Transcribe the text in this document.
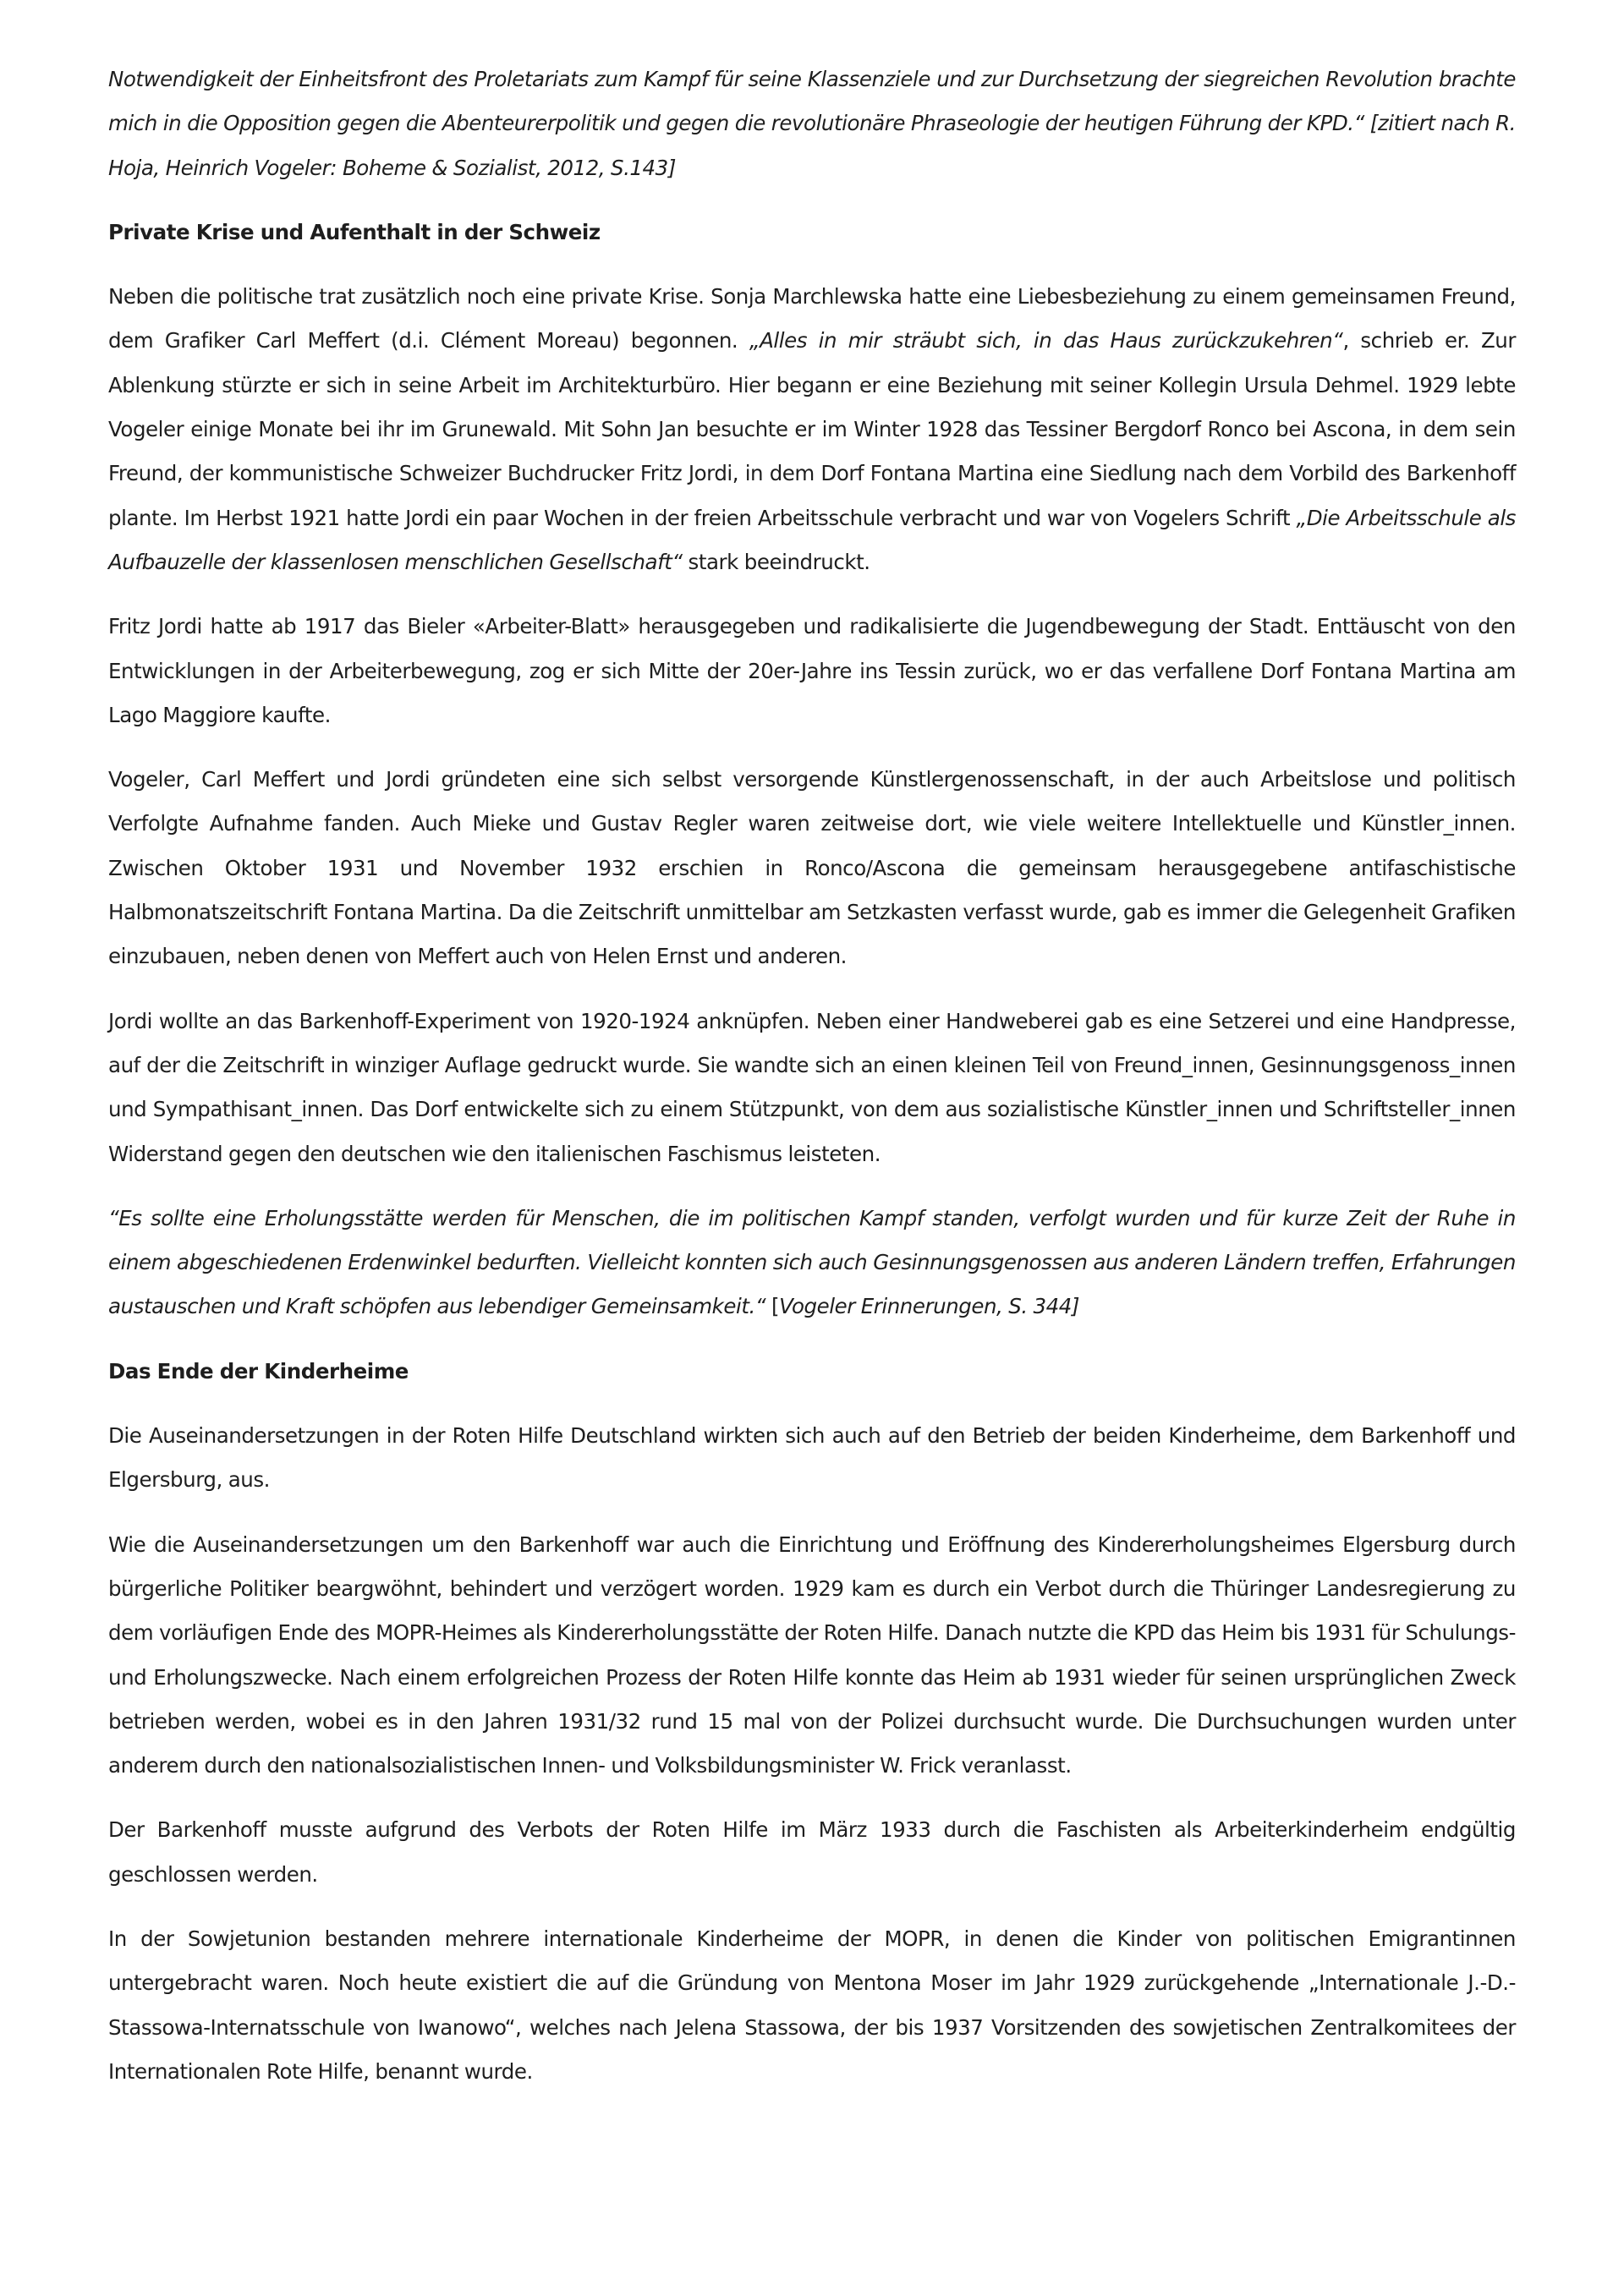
Notwendigkeit der Einheitsfront des Proletariats zum Kampf für seine Klassenziele und zur Durchsetzung der siegreichen Revolution brachte mich in die Opposition gegen die Abenteurerpolitik und gegen die revolutionäre Phraseologie der heutigen Führung der KPD.“ [zitiert nach R. Hoja, Heinrich Vogeler: Boheme & Sozialist, 2012, S.143]

Private Krise und Aufenthalt in der Schweiz

Neben die politische trat zusätzlich noch eine private Krise. Sonja Marchlewska hatte eine Liebesbeziehung zu einem gemeinsamen Freund, dem Grafiker Carl Meffert (d.i. Clément Moreau) begonnen. „Alles in mir sträubt sich, in das Haus zurückzukehren“, schrieb er. Zur Ablenkung stürzte er sich in seine Arbeit im Architekturbüro. Hier begann er eine Beziehung mit seiner Kollegin Ursula Dehmel. 1929 lebte Vogeler einige Monate bei ihr im Grunewald. Mit Sohn Jan besuchte er im Winter 1928 das Tessiner Bergdorf Ronco bei Ascona, in dem sein Freund, der kommunistische Schweizer Buchdrucker Fritz Jordi, in dem Dorf Fontana Martina eine Siedlung nach dem Vorbild des Barkenhoff plante. Im Herbst 1921 hatte Jordi ein paar Wochen in der freien Arbeitsschule verbracht und war von Vogelers Schrift „Die Arbeitsschule als Aufbauzelle der klassenlosen menschlichen Gesellschaft“ stark beeindruckt.

Fritz Jordi hatte ab 1917 das Bieler «Arbeiter-Blatt» herausgegeben und radikalisierte die Jugendbewegung der Stadt. Enttäuscht von den Entwicklungen in der Arbeiterbewegung, zog er sich Mitte der 20er-Jahre ins Tessin zurück, wo er das verfallene Dorf Fontana Martina am Lago Maggiore kaufte.

Vogeler, Carl Meffert und Jordi gründeten eine sich selbst versorgende Künstlergenossenschaft, in der auch Arbeitslose und politisch Verfolgte Aufnahme fanden. Auch Mieke und Gustav Regler waren zeitweise dort, wie viele weitere Intellektuelle und Künstler_innen. Zwischen Oktober 1931 und November 1932 erschien in Ronco/Ascona die gemeinsam herausgegebene antifaschistische Halbmonatszeitschrift Fontana Martina. Da die Zeitschrift unmittelbar am Setzkasten verfasst wurde, gab es immer die Gelegenheit Grafiken einzubauen, neben denen von Meffert auch von Helen Ernst und anderen.

Jordi wollte an das Barkenhoff-Experiment von 1920-1924 anknüpfen. Neben einer Handweberei gab es eine Setzerei und eine Handpresse, auf der die Zeitschrift in winziger Auflage gedruckt wurde. Sie wandte sich an einen kleinen Teil von Freund_innen, Gesinnungsgenoss_innen und Sympathisant_innen. Das Dorf entwickelte sich zu einem Stützpunkt, von dem aus sozialistische Künstler_innen und Schriftsteller_innen Widerstand gegen den deutschen wie den italienischen Faschismus leisteten.

“Es sollte eine Erholungsstätte werden für Menschen, die im politischen Kampf standen, verfolgt wurden und für kurze Zeit der Ruhe in einem abgeschiedenen Erdenwinkel bedurften. Vielleicht konnten sich auch Gesinnungsgenossen aus anderen Ländern treffen, Erfahrungen austauschen und Kraft schöpfen aus lebendiger Gemeinsamkeit.“ [Vogeler Erinnerungen, S. 344]

Das Ende der Kinderheime

Die Auseinandersetzungen in der Roten Hilfe Deutschland wirkten sich auch auf den Betrieb der beiden Kinderheime, dem Barkenhoff und Elgersburg, aus.

Wie die Auseinandersetzungen um den Barkenhoff war auch die Einrichtung und Eröffnung des Kindererholungsheimes Elgersburg durch bürgerliche Politiker beargwöhnt, behindert und verzögert worden. 1929 kam es durch ein Verbot durch die Thüringer Landesregierung zu dem vorläufigen Ende des MOPR-Heimes als Kindererholungsstätte der Roten Hilfe. Danach nutzte die KPD das Heim bis 1931 für Schulungs- und Erholungszwecke. Nach einem erfolgreichen Prozess der Roten Hilfe konnte das Heim ab 1931 wieder für seinen ursprünglichen Zweck betrieben werden, wobei es in den Jahren 1931/32 rund 15 mal von der Polizei durchsucht wurde. Die Durchsuchungen wurden unter anderem durch den nationalsozialistischen Innen- und Volksbildungsminister W. Frick veranlasst.

Der Barkenhoff musste aufgrund des Verbots der Roten Hilfe im März 1933 durch die Faschisten als Arbeiterkinderheim endgültig geschlossen werden.

In der Sowjetunion bestanden mehrere internationale Kinderheime der MOPR, in denen die Kinder von politischen Emigrantinnen untergebracht waren. Noch heute existiert die auf die Gründung von Mentona Moser im Jahr 1929 zurückgehende „Internationale J.-D.-Stassowa-Internatsschule von Iwanowo“, welches nach Jelena Stassowa, der bis 1937 Vorsitzenden des sowjetischen Zentralkomitees der Internationalen Rote Hilfe, benannt wurde.
